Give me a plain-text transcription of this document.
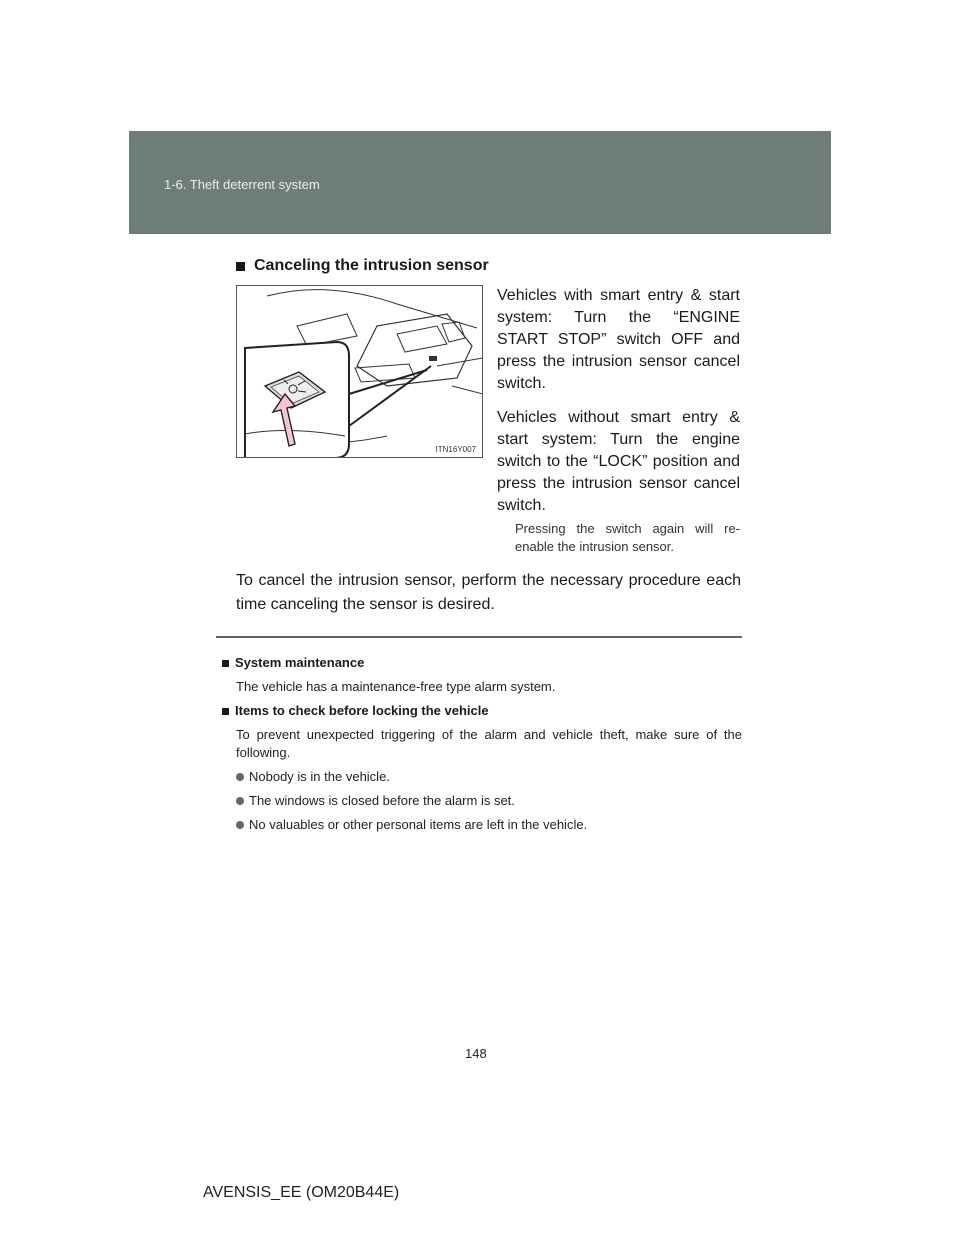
1-6. Theft deterrent system
Canceling the intrusion sensor
ITN16Y007

Vehicles with smart entry & start system: Turn the “ENGINE START STOP” switch OFF and press the intrusion sensor cancel switch.

Vehicles without smart entry & start system: Turn the engine switch to the “LOCK” position and press the intrusion sensor cancel switch.

Pressing the switch again will re-enable the intrusion sensor.
To cancel the intrusion sensor, perform the necessary procedure each time canceling the sensor is desired.
System maintenance
The vehicle has a maintenance-free type alarm system.
Items to check before locking the vehicle
To prevent unexpected triggering of the alarm and vehicle theft, make sure of the following.
Nobody is in the vehicle.
The windows is closed before the alarm is set.
No valuables or other personal items are left in the vehicle.
148
AVENSIS_EE (OM20B44E)
